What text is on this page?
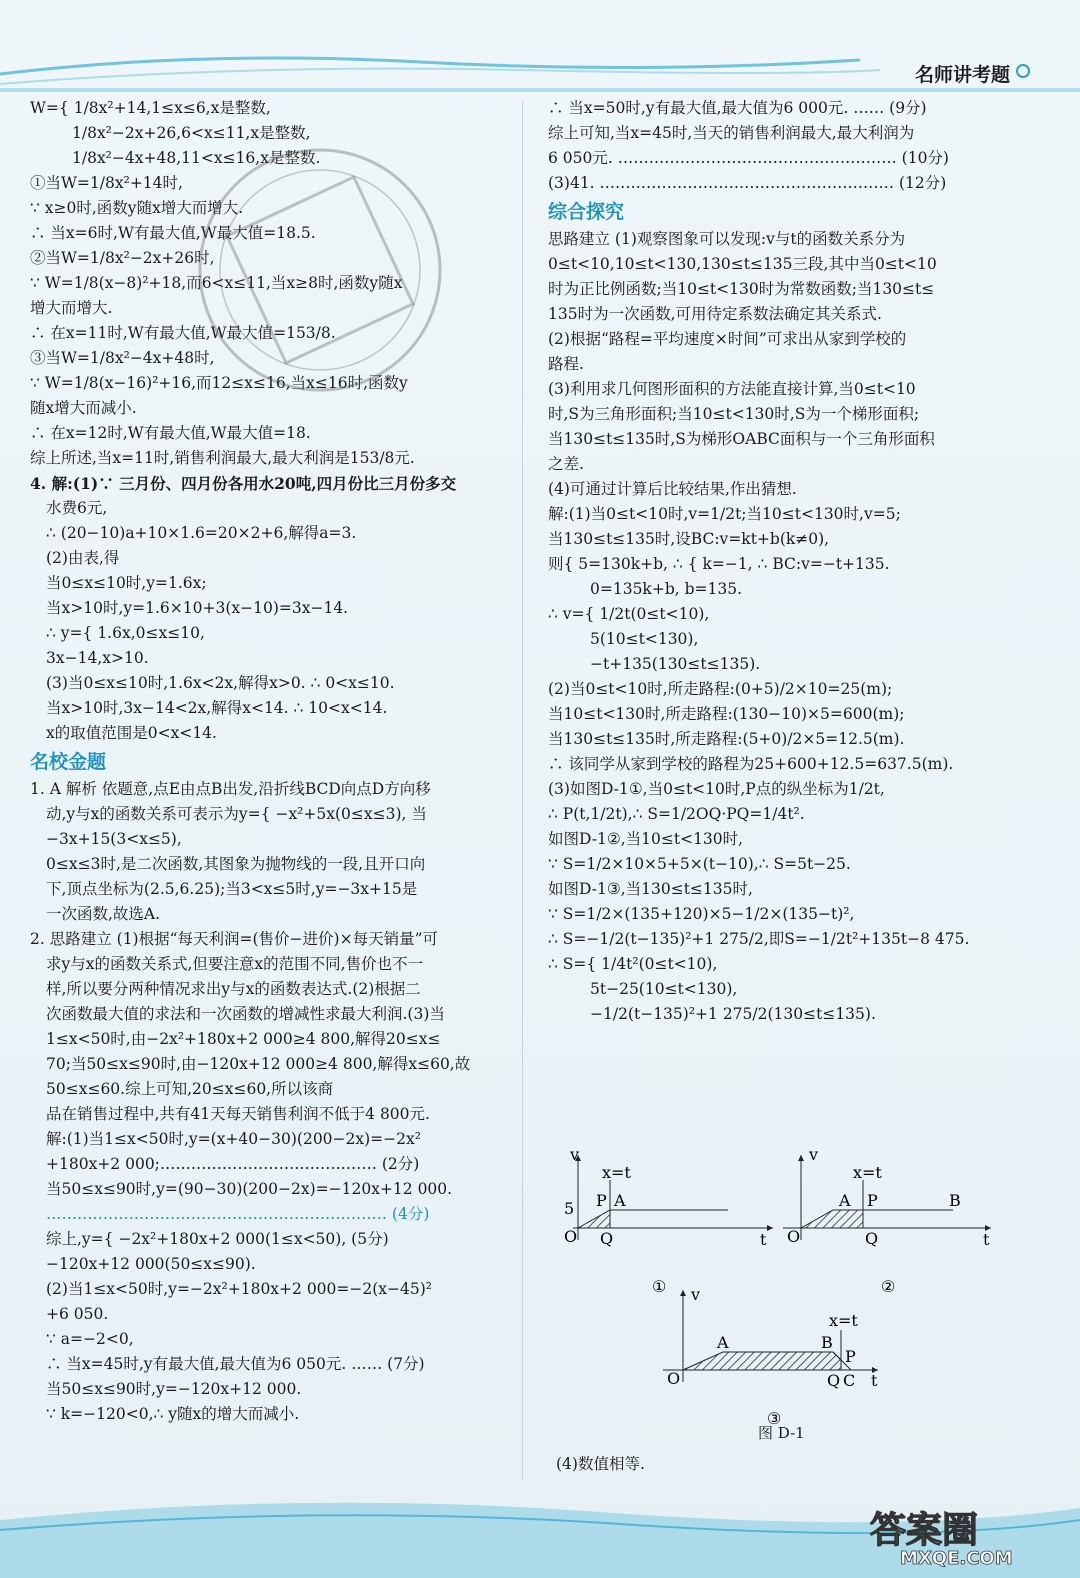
名师讲考题
W={ 1/8x²+14,1≤x≤6,x是整数,
1/8x²−2x+26,6<x≤11,x是整数,
1/8x²−4x+48,11<x≤16,x是整数.
①当W=1/8x²+14时,
∵ x≥0时,函数y随x增大而增大.
∴ 当x=6时,W有最大值,W最大值=18.5.
②当W=1/8x²−2x+26时,
∵ W=1/8(x−8)²+18,而6<x≤11,当x≥8时,函数y随x
增大而增大.
∴ 在x=11时,W有最大值,W最大值=153/8.
③当W=1/8x²−4x+48时,
∵ W=1/8(x−16)²+16,而12≤x≤16,当x≤16时,函数y
随x增大而减小.
∴ 在x=12时,W有最大值,W最大值=18.
综上所述,当x=11时,销售利润最大,最大利润是153/8元.
4. 解:(1)∵ 三月份、四月份各用水20吨,四月份比三月份多交
水费6元,
∴ (20−10)a+10×1.6=20×2+6,解得a=3.
(2)由表,得
当0≤x≤10时,y=1.6x;
当x>10时,y=1.6×10+3(x−10)=3x−14.
∴ y={ 1.6x,0≤x≤10,
3x−14,x>10.
(3)当0≤x≤10时,1.6x<2x,解得x>0. ∴ 0<x≤10.
当x>10时,3x−14<2x,解得x<14. ∴ 10<x<14.
x的取值范围是0<x<14.
名校金题
1. A 解析 依题意,点E由点B出发,沿折线BCD向点D方向移
动,y与x的函数关系可表示为y={ −x²+5x(0≤x≤3), 当
−3x+15(3<x≤5),
0≤x≤3时,是二次函数,其图象为抛物线的一段,且开口向
下,顶点坐标为(2.5,6.25);当3<x≤5时,y=−3x+15是
一次函数,故选A.
2. 思路建立 (1)根据“每天利润=(售价−进价)×每天销量”可
求y与x的函数关系式,但要注意x的范围不同,售价也不一
样,所以要分两种情况求出y与x的函数表达式.(2)根据二
次函数最大值的求法和一次函数的增减性求最大利润.(3)当
1≤x<50时,由−2x²+180x+2 000≥4 800,解得20≤x≤
70;当50≤x≤90时,由−120x+12 000≥4 800,解得x≤60,故50≤x≤60.综上可知,20≤x≤60,所以该商
品在销售过程中,共有41天每天销售利润不低于4 800元.
解:(1)当1≤x<50时,y=(x+40−30)(200−2x)=−2x²
+180x+2 000;…………………………………… (2分)
当50≤x≤90时,y=(90−30)(200−2x)=−120x+12 000.
………………………………………………………… (4分)
综上,y={ −2x²+180x+2 000(1≤x<50), (5分)
−120x+12 000(50≤x≤90).
(2)当1≤x<50时,y=−2x²+180x+2 000=−2(x−45)²
+6 050.
∵ a=−2<0,
∴ 当x=45时,y有最大值,最大值为6 050元. …… (7分)
当50≤x≤90时,y=−120x+12 000.
∵ k=−120<0,∴ y随x的增大而减小.
∴ 当x=50时,y有最大值,最大值为6 000元. …… (9分)
综上可知,当x=45时,当天的销售利润最大,最大利润为
6 050元. ……………………………………………… (10分)
(3)41. ………………………………………………… (12分)
综合探究
思路建立 (1)观察图象可以发现:v与t的函数关系分为
0≤t<10,10≤t<130,130≤t≤135三段,其中当0≤t<10
时为正比例函数;当10≤t<130时为常数函数;当130≤t≤
135时为一次函数,可用待定系数法确定其关系式.
(2)根据“路程=平均速度×时间”可求出从家到学校的
路程.
(3)利用求几何图形面积的方法能直接计算,当0≤t<10
时,S为三角形面积;当10≤t<130时,S为一个梯形面积;
当130≤t≤135时,S为梯形OABC面积与一个三角形面积
之差.
(4)可通过计算后比较结果,作出猜想.
解:(1)当0≤t<10时,v=1/2t;当10≤t<130时,v=5;
当130≤t≤135时,设BC:v=kt+b(k≠0),
则{ 5=130k+b, ∴ { k=−1, ∴ BC:v=−t+135.
0=135k+b, b=135.
∴ v={ 1/2t(0≤t<10),
5(10≤t<130),
−t+135(130≤t≤135).
(2)当0≤t<10时,所走路程:(0+5)/2×10=25(m);
当10≤t<130时,所走路程:(130−10)×5=600(m);
当130≤t≤135时,所走路程:(5+0)/2×5=12.5(m).
∴ 该同学从家到学校的路程为25+600+12.5=637.5(m).
(3)如图D-1①,当0≤t<10时,P点的纵坐标为1/2t,
∴ P(t,1/2t),∴ S=1/2OQ·PQ=1/4t².
如图D-1②,当10≤t<130时,
∵ S=1/2×10×5+5×(t−10),∴ S=5t−25.
如图D-1③,当130≤t≤135时,
∵ S=1/2×(135+120)×5−1/2×(135−t)²,
∴ S=−1/2(t−135)²+1 275/2,即S=−1/2t²+135t−8 475.
∴ S={ 1/4t²(0≤t<10),
5t−25(10≤t<130),
−1/2(t−135)²+1 275/2(130≤t≤135).
v
t
O
5
x=t
P A
Q
①
v
t
O
x=t
A P	B
Q
②
v
t
O
x=t
A	B
P
Q C
③
图 D-1
(4)数值相等.
答案圈
MXQE.COM
